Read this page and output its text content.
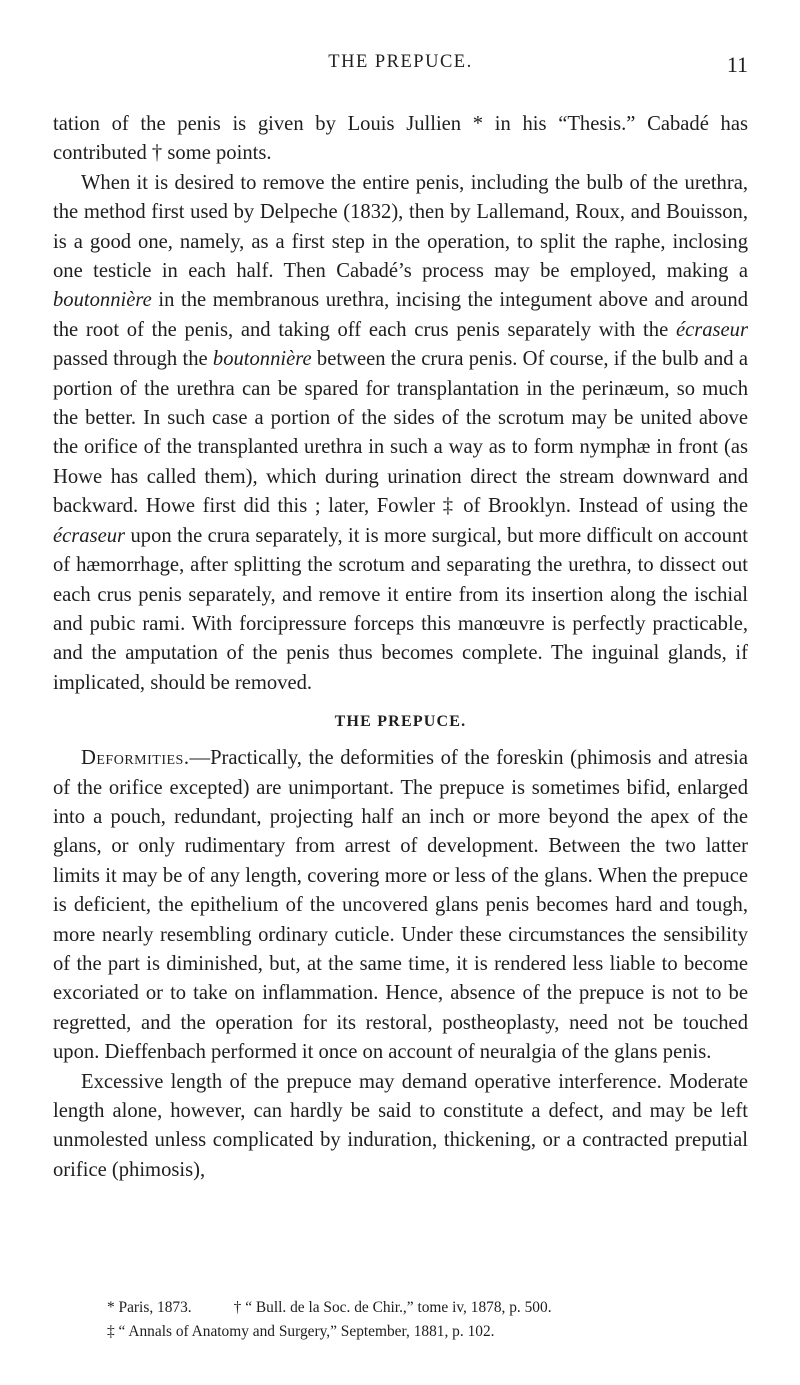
THE PREPUCE.	11

tation of the penis is given by Louis Jullien * in his “Thesis.” Cabadé has contributed † some points.

When it is desired to remove the entire penis, including the bulb of the urethra, the method first used by Delpeche (1832), then by Lallemand, Roux, and Bouisson, is a good one, namely, as a first step in the operation, to split the raphe, inclosing one testicle in each half. Then Cabadé’s process may be employed, making a boutonnière in the membranous urethra, incising the integument above and around the root of the penis, and taking off each crus penis separately with the écraseur passed through the boutonnière between the crura penis. Of course, if the bulb and a portion of the urethra can be spared for transplantation in the perinæum, so much the better. In such case a portion of the sides of the scrotum may be united above the orifice of the transplanted urethra in such a way as to form nymphæ in front (as Howe has called them), which during urination direct the stream downward and backward. Howe first did this ; later, Fowler ‡ of Brooklyn. Instead of using the écraseur upon the crura separately, it is more surgical, but more difficult on account of hæmorrhage, after splitting the scrotum and separating the urethra, to dissect out each crus penis separately, and remove it entire from its insertion along the ischial and pubic rami. With forcipressure forceps this manœuvre is perfectly practicable, and the amputation of the penis thus becomes complete. The inguinal glands, if implicated, should be removed.

THE PREPUCE.

Deformities.—Practically, the deformities of the foreskin (phimosis and atresia of the orifice excepted) are unimportant. The prepuce is sometimes bifid, enlarged into a pouch, redundant, projecting half an inch or more beyond the apex of the glans, or only rudimentary from arrest of development. Between the two latter limits it may be of any length, covering more or less of the glans. When the prepuce is deficient, the epithelium of the uncovered glans penis becomes hard and tough, more nearly resembling ordinary cuticle. Under these circumstances the sensibility of the part is diminished, but, at the same time, it is rendered less liable to become excoriated or to take on inflammation. Hence, absence of the prepuce is not to be regretted, and the operation for its restoral, postheoplasty, need not be touched upon. Dieffenbach performed it once on account of neuralgia of the glans penis.

Excessive length of the prepuce may demand operative interference. Moderate length alone, however, can hardly be said to constitute a defect, and may be left unmolested unless complicated by induration, thickening, or a contracted preputial orifice (phimosis),

* Paris, 1873.	† “ Bull. de la Soc. de Chir.,” tome iv, 1878, p. 500.
‡ “ Annals of Anatomy and Surgery,” September, 1881, p. 102.
